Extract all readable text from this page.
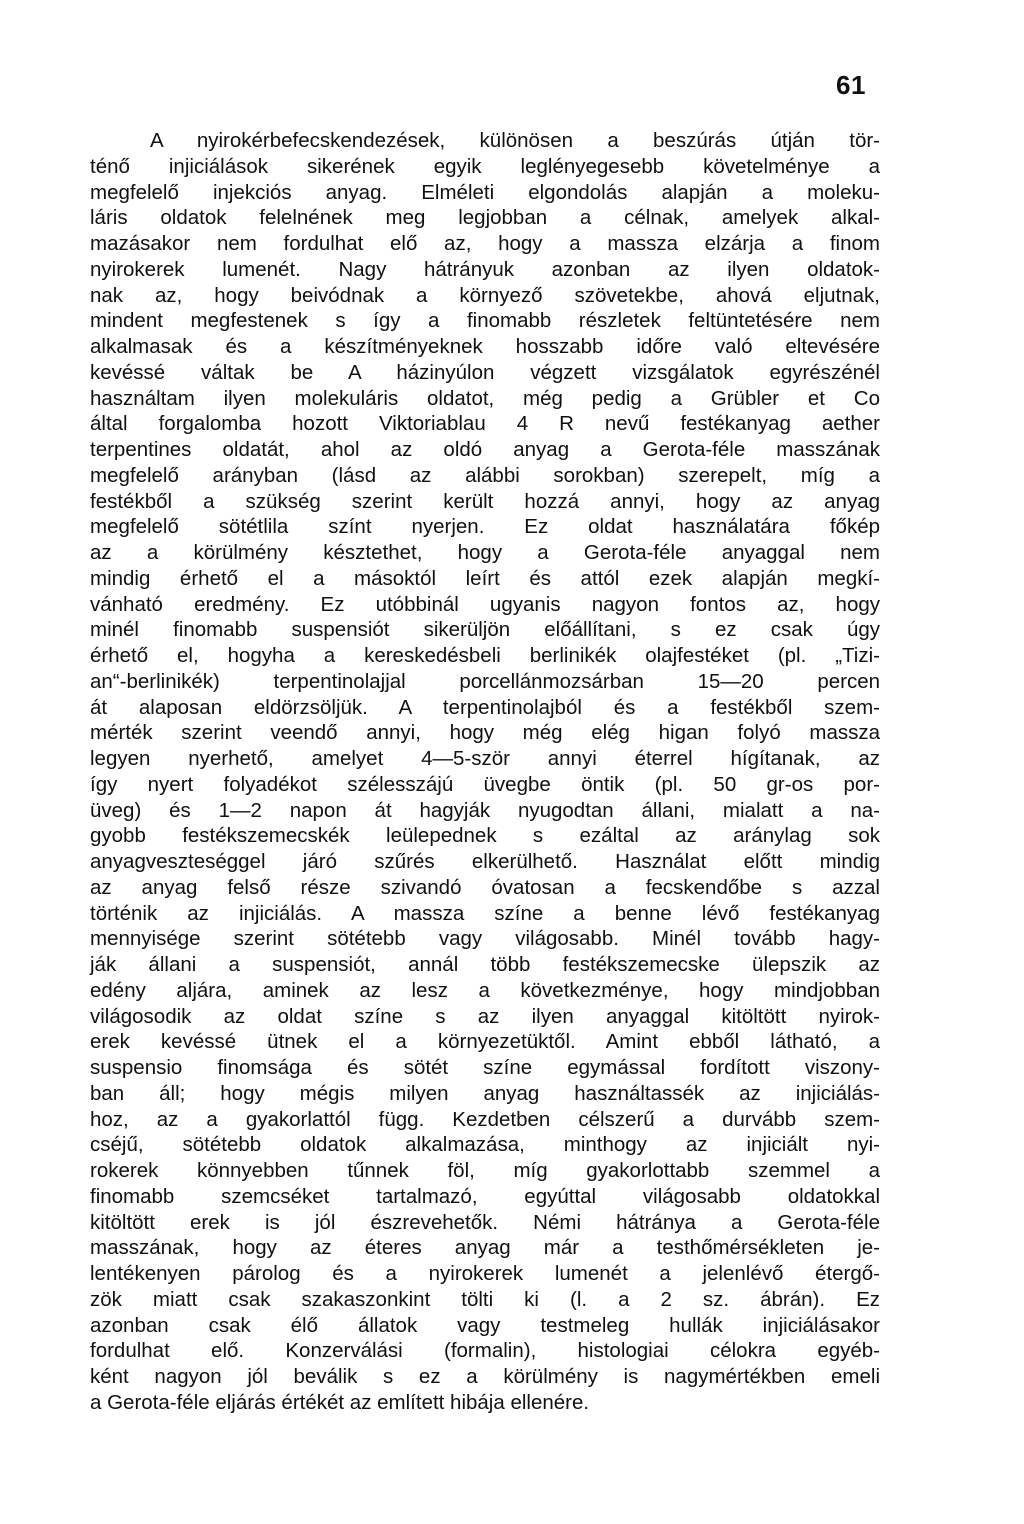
61
A nyirokérbefecskendezések, különösen a beszúrás útján tör-
ténő injiciálások sikerének egyik leglényegesebb követelménye a
megfelelő injekciós anyag. Elméleti elgondolás alapján a moleku-
láris oldatok felelnének meg legjobban a célnak, amelyek alkal-
mazásakor nem fordulhat elő az, hogy a massza elzárja a finom
nyirokerek lumenét. Nagy hátrányuk azonban az ilyen oldatok-
nak az, hogy beivódnak a környező szövetekbe, ahová eljutnak,
mindent megfestenek s így a finomabb részletek feltüntetésére nem
alkalmasak és a készítményeknek hosszabb időre való eltevésére
kevéssé váltak be A házinyúlon végzett vizsgálatok egyrészénél
használtam ilyen molekuláris oldatot, még pedig a Grübler et Co
által forgalomba hozott Viktoriablau 4 R nevű festékanyag aether
terpentines oldatát, ahol az oldó anyag a Gerota-féle masszának
megfelelő arányban (lásd az alábbi sorokban) szerepelt, míg a
festékből a szükség szerint került hozzá annyi, hogy az anyag
megfelelő sötétlila színt nyerjen. Ez oldat használatára főkép
az a körülmény késztethet, hogy a Gerota-féle anyaggal nem
mindig érhető el a másoktól leírt és attól ezek alapján megkí-
vánható eredmény. Ez utóbbinál ugyanis nagyon fontos az, hogy
minél finomabb suspensiót sikerüljön előállítani, s ez csak úgy
érhető el, hogyha a kereskedésbeli berlinikék olajfestéket (pl. „Tizi-
an“-berlinikék) terpentinolajjal porcellánmozsárban 15—20 percen
át alaposan eldörzsöljük. A terpentinolajból és a festékből szem-
mérték szerint veendő annyi, hogy még elég higan folyó massza
legyen nyerhető, amelyet 4—5-ször annyi éterrel hígítanak, az
így nyert folyadékot szélesszájú üvegbe öntik (pl. 50 gr-os por-
üveg) és 1—2 napon át hagyják nyugodtan állani, mialatt a na-
gyobb festékszemecskék leülepednek s ezáltal az aránylag sok
anyagveszteséggel járó szűrés elkerülhető. Használat előtt mindig
az anyag felső része szivandó óvatosan a fecskendőbe s azzal
történik az injiciálás. A massza színe a benne lévő festékanyag
mennyisége szerint sötétebb vagy világosabb. Minél tovább hagy-
ják állani a suspensiót, annál több festékszemecske ülepszik az
edény aljára, aminek az lesz a következménye, hogy mindjobban
világosodik az oldat színe s az ilyen anyaggal kitöltött nyirok-
erek kevéssé ütnek el a környezetüktől. Amint ebből látható, a
suspensio finomsága és sötét színe egymással fordított viszony-
ban áll; hogy mégis milyen anyag használtassék az injiciálás-
hoz, az a gyakorlattól függ. Kezdetben célszerű a durvább szem-
cséjű, sötétebb oldatok alkalmazása, minthogy az injiciált nyi-
rokerek könnyebben tűnnek föl, míg gyakorlottabb szemmel a
finomabb szemcséket tartalmazó, egyúttal világosabb oldatokkal
kitöltött erek is jól észrevehetők. Némi hátránya a Gerota-féle
masszának, hogy az éteres anyag már a testhőmérsékleten je-
lentékenyen párolog és a nyirokerek lumenét a jelenlévő étergő-
zök miatt csak szakaszonkint tölti ki (l. a 2 sz. ábrán). Ez
azonban csak élő állatok vagy testmeleg hullák injiciálásakor
fordulhat elő. Konzerválási (formalin), histologiai célokra egyéb-
ként nagyon jól beválik s ez a körülmény is nagymértékben emeli
a Gerota-féle eljárás értékét az említett hibája ellenére.
